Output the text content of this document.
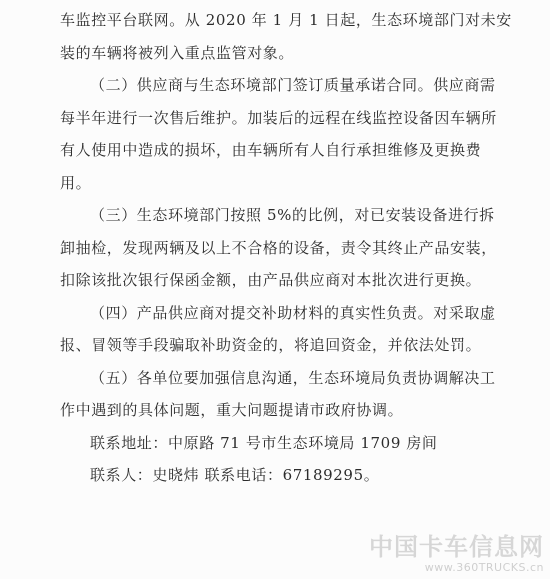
车监控平台联网。从 2020 年 1 月 1 日起，生态环境部门对未安
装的车辆将被列入重点监管对象。
（二）供应商与生态环境部门签订质量承诺合同。供应商需
每半年进行一次售后维护。加装后的远程在线监控设备因车辆所
有人使用中造成的损坏，由车辆所有人自行承担维修及更换费
用。
（三）生态环境部门按照 5%的比例，对已安装设备进行拆
卸抽检，发现两辆及以上不合格的设备，责令其终止产品安装，
扣除该批次银行保函金额，由产品供应商对本批次进行更换。
（四）产品供应商对提交补助材料的真实性负责。对采取虚
报、冒领等手段骗取补助资金的，将追回资金，并依法处罚。
（五）各单位要加强信息沟通，生态环境局负责协调解决工
作中遇到的具体问题，重大问题提请市政府协调。
联系地址：中原路 71 号市生态环境局 1709 房间
联系人：史晓炜 联系电话：67189295。
中国卡车信息网
www.360TRUCKS.cn
